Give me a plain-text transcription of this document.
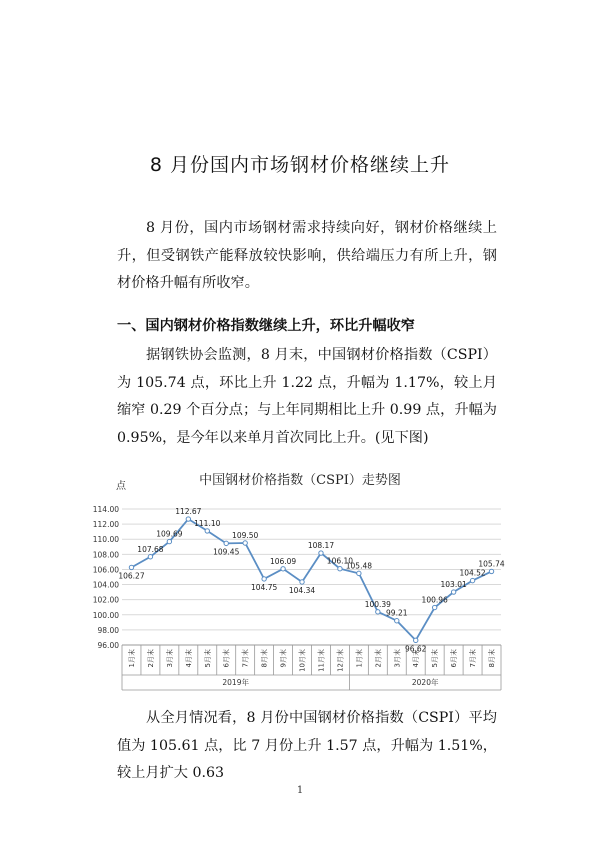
8 月份国内市场钢材价格继续上升

8 月份，国内市场钢材需求持续向好，钢材价格继续上升，但受钢铁产能释放较快影响，供给端压力有所上升，钢材价格升幅有所收窄。

一、国内钢材价格指数继续上升，环比升幅收窄

据钢铁协会监测，8 月末，中国钢材价格指数（CSPI）为 105.74 点，环比上升 1.22 点，升幅为 1.17%，较上月缩窄 0.29 个百分点；与上年同期相比上升 0.99 点，升幅为 0.95%，是今年以来单月首次同比上升。(见下图)

点	中国钢材价格指数（CSPI）走势图

96.00
98.00
100.00
102.00
104.00
106.00
108.00
110.00
112.00
114.00
1月末 2月末 3月末 4月末 5月末 6月末 7月末 8月末 9月末 10月末 11月末 12月末 1月末 2月末 3月末 4月末 5月末 6月末 7月末 8月末
2019年	2020年
106.27
107.68
109.69
112.67
111.10
109.45
109.50
104.75
106.09
104.34
108.17
106.10
105.48
100.39
99.21
96.62
100.96
103.01
104.52
105.74

从全月情况看，8 月份中国钢材价格指数（CSPI）平均值为 105.61 点，比 7 月份上升 1.57 点，升幅为 1.51%，较上月扩大 0.63

1
